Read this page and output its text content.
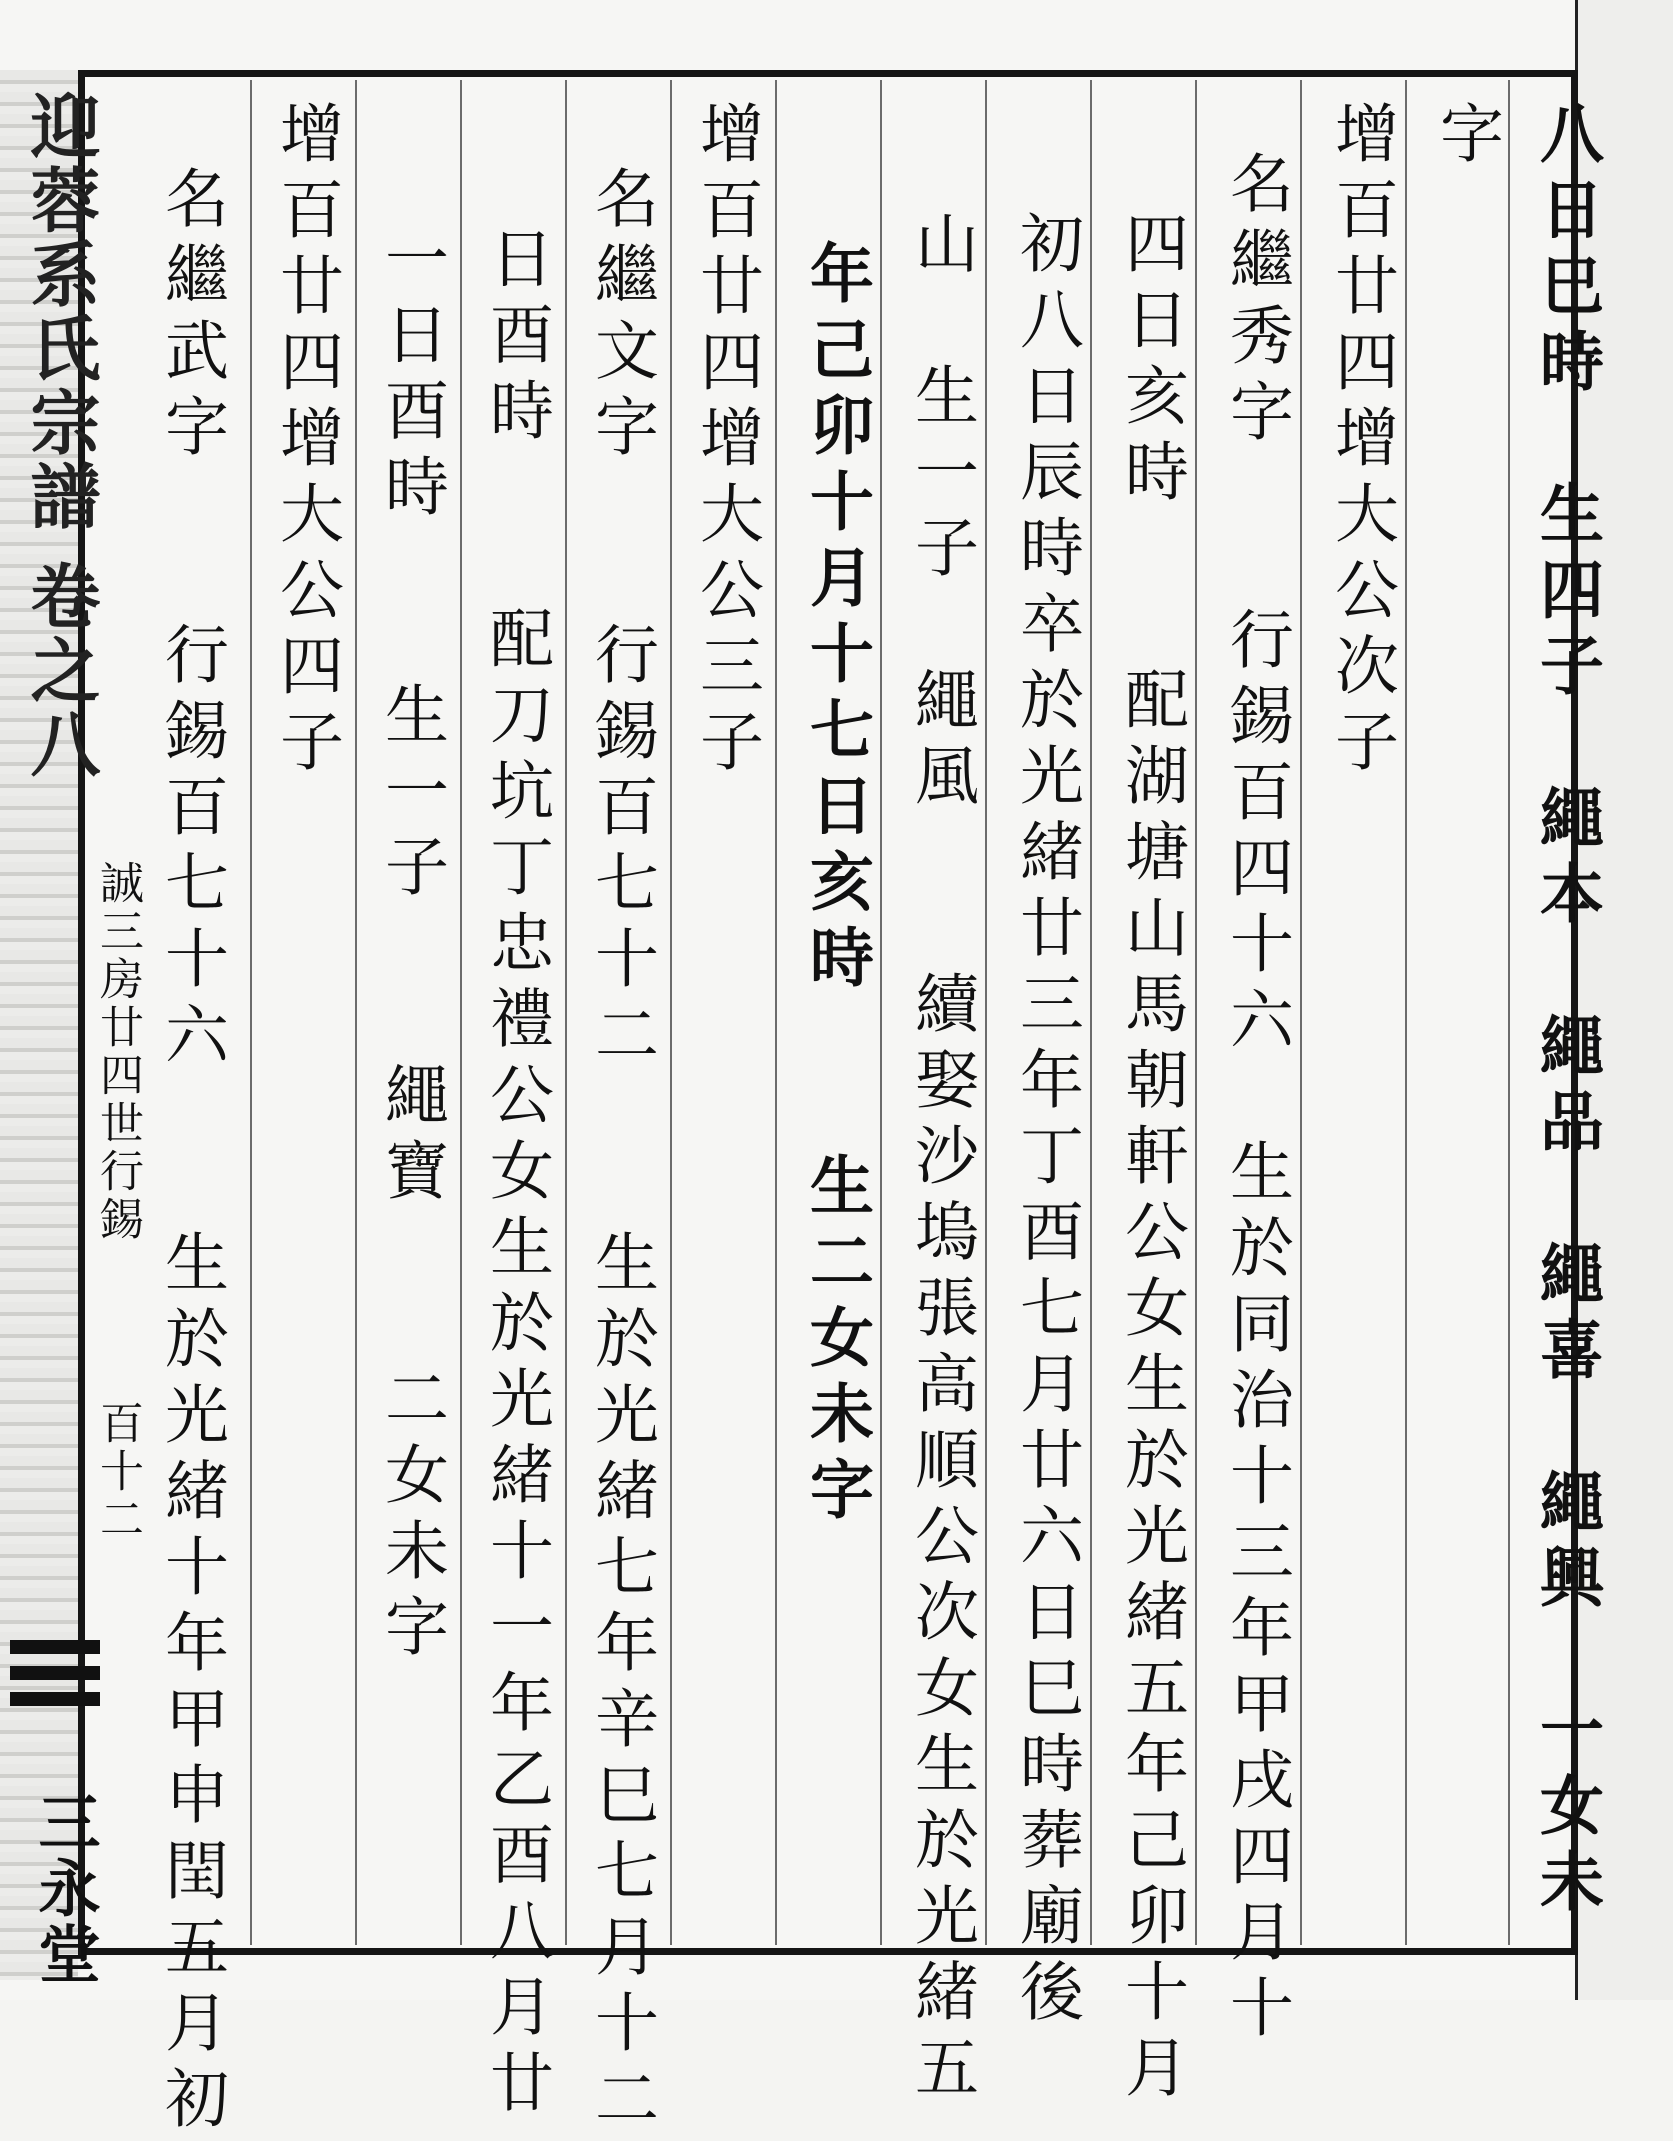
迎蓉系氏宗譜
卷之八
誠三房廿四世行錫
百十二
三永堂	八日巳時　生四子　繩本　繩品　繩喜　繩興　一女未
字
增百廿四增大公次子
名繼秀字　　行錫百四十六　生於同治十三年甲戌四月十
四日亥時　　配湖塘山馬朝軒公女生於光緒五年己卯十月
初八日辰時卒於光緒廿三年丁酉七月廿六日巳時葬廟後
山　生一子　繩風　　續娶沙塢張高順公次女生於光緒五
年己卯十月十七日亥時　　生二女未字
增百廿四增大公三子
名繼文字　　行錫百七十二　　生於光緒七年辛巳七月十二
日酉時　　配刀坑丁忠禮公女生於光緒十一年乙酉八月廿
一日酉時　　生一子　　繩寶　　二女未字
增百廿四增大公四子
名繼武字　　行錫百七十六　　生於光緒十年甲申閏五月初
